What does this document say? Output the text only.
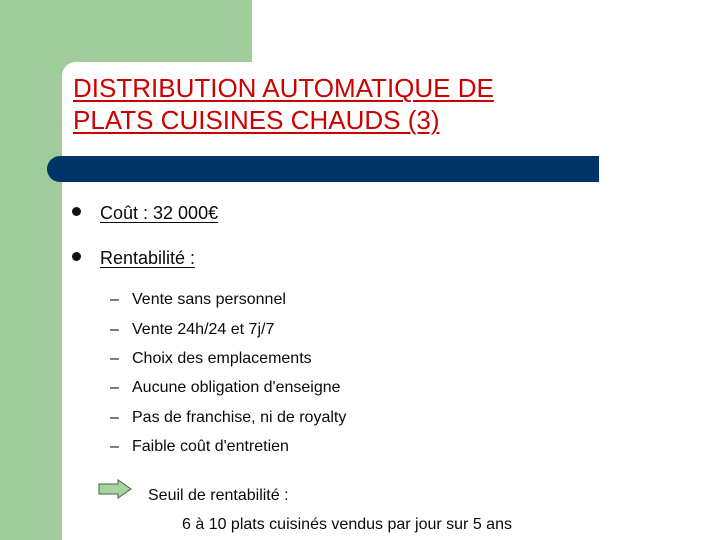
DISTRIBUTION AUTOMATIQUE DE
PLATS CUISINES CHAUDS (3)
Coût : 32 000€
Rentabilité :
– Vente sans personnel
– Vente 24h/24 et 7j/7
– Choix des emplacements
– Aucune obligation d'enseigne
– Pas de franchise, ni de royalty
– Faible coût d'entretien
Seuil de rentabilité :
6 à 10 plats cuisinés vendus par jour sur 5 ans
